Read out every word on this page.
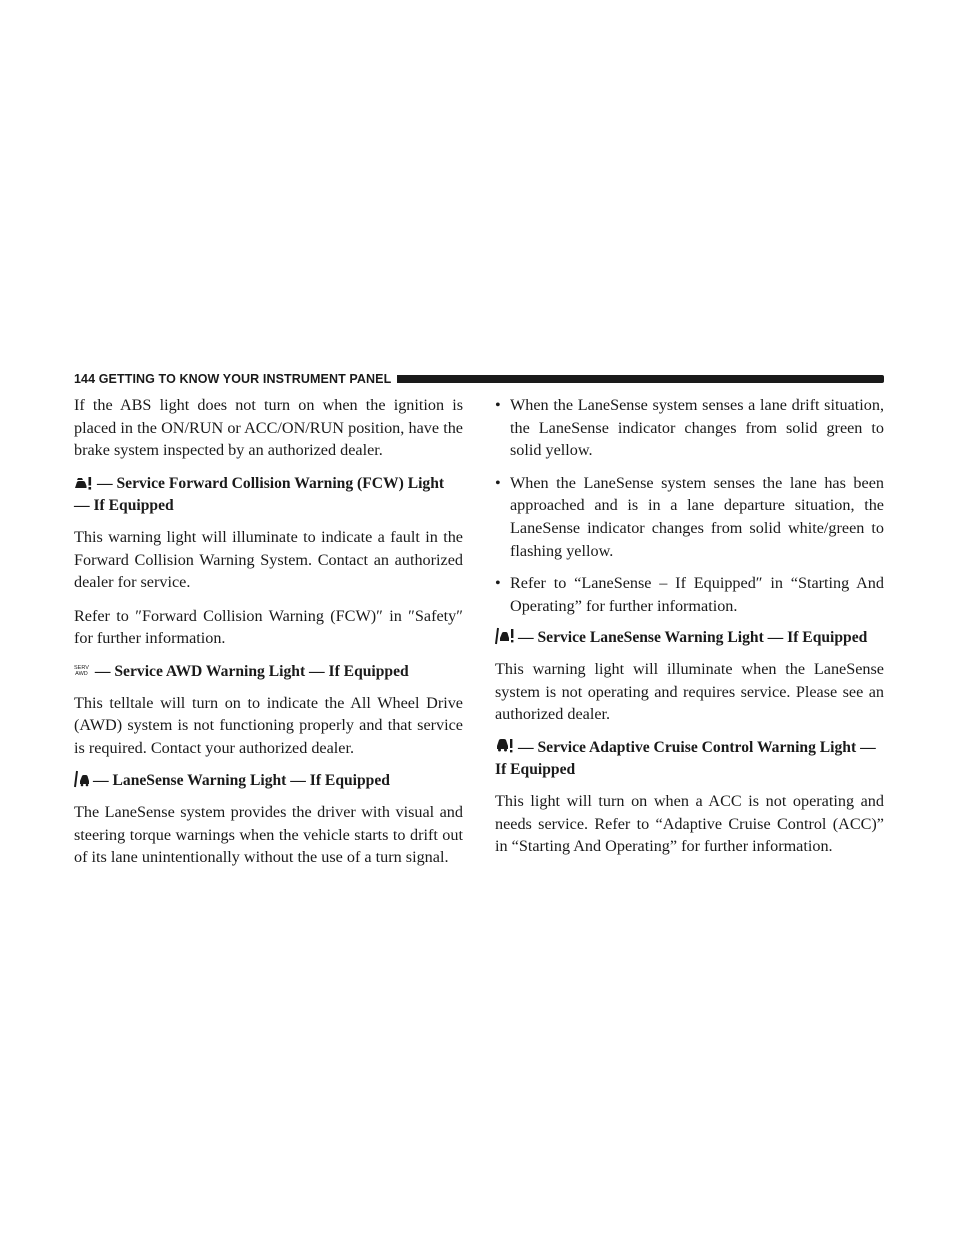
144 GETTING TO KNOW YOUR INSTRUMENT PANEL

If the ABS light does not turn on when the ignition is placed in the ON/RUN or ACC/ON/RUN position, have the brake system inspected by an authorized dealer.

— Service Forward Collision Warning (FCW) Light — If Equipped

This warning light will illuminate to indicate a fault in the Forward Collision Warning System. Contact an authorized dealer for service.

Refer to ″Forward Collision Warning (FCW)″ in ″Safety″ for further information.

SERV
AWD — Service AWD Warning Light — If Equipped

This telltale will turn on to indicate the All Wheel Drive (AWD) system is not functioning properly and that service is required. Contact your authorized dealer.

— LaneSense Warning Light — If Equipped

The LaneSense system provides the driver with visual and steering torque warnings when the vehicle starts to drift out of its lane unintentionally without the use of a turn signal.

• When the LaneSense system senses a lane drift situation, the LaneSense indicator changes from solid green to solid yellow.
• When the LaneSense system senses the lane has been approached and is in a lane departure situation, the LaneSense indicator changes from solid white/green to flashing yellow.
• Refer to “LaneSense – If Equipped″ in “Starting And Operating” for further information.
— Service LaneSense Warning Light — If Equipped

This warning light will illuminate when the LaneSense system is not operating and requires service. Please see an authorized dealer.

— Service Adaptive Cruise Control Warning Light — If Equipped

This light will turn on when a ACC is not operating and needs service. Refer to “Adaptive Cruise Control (ACC)” in “Starting And Operating” for further information.
